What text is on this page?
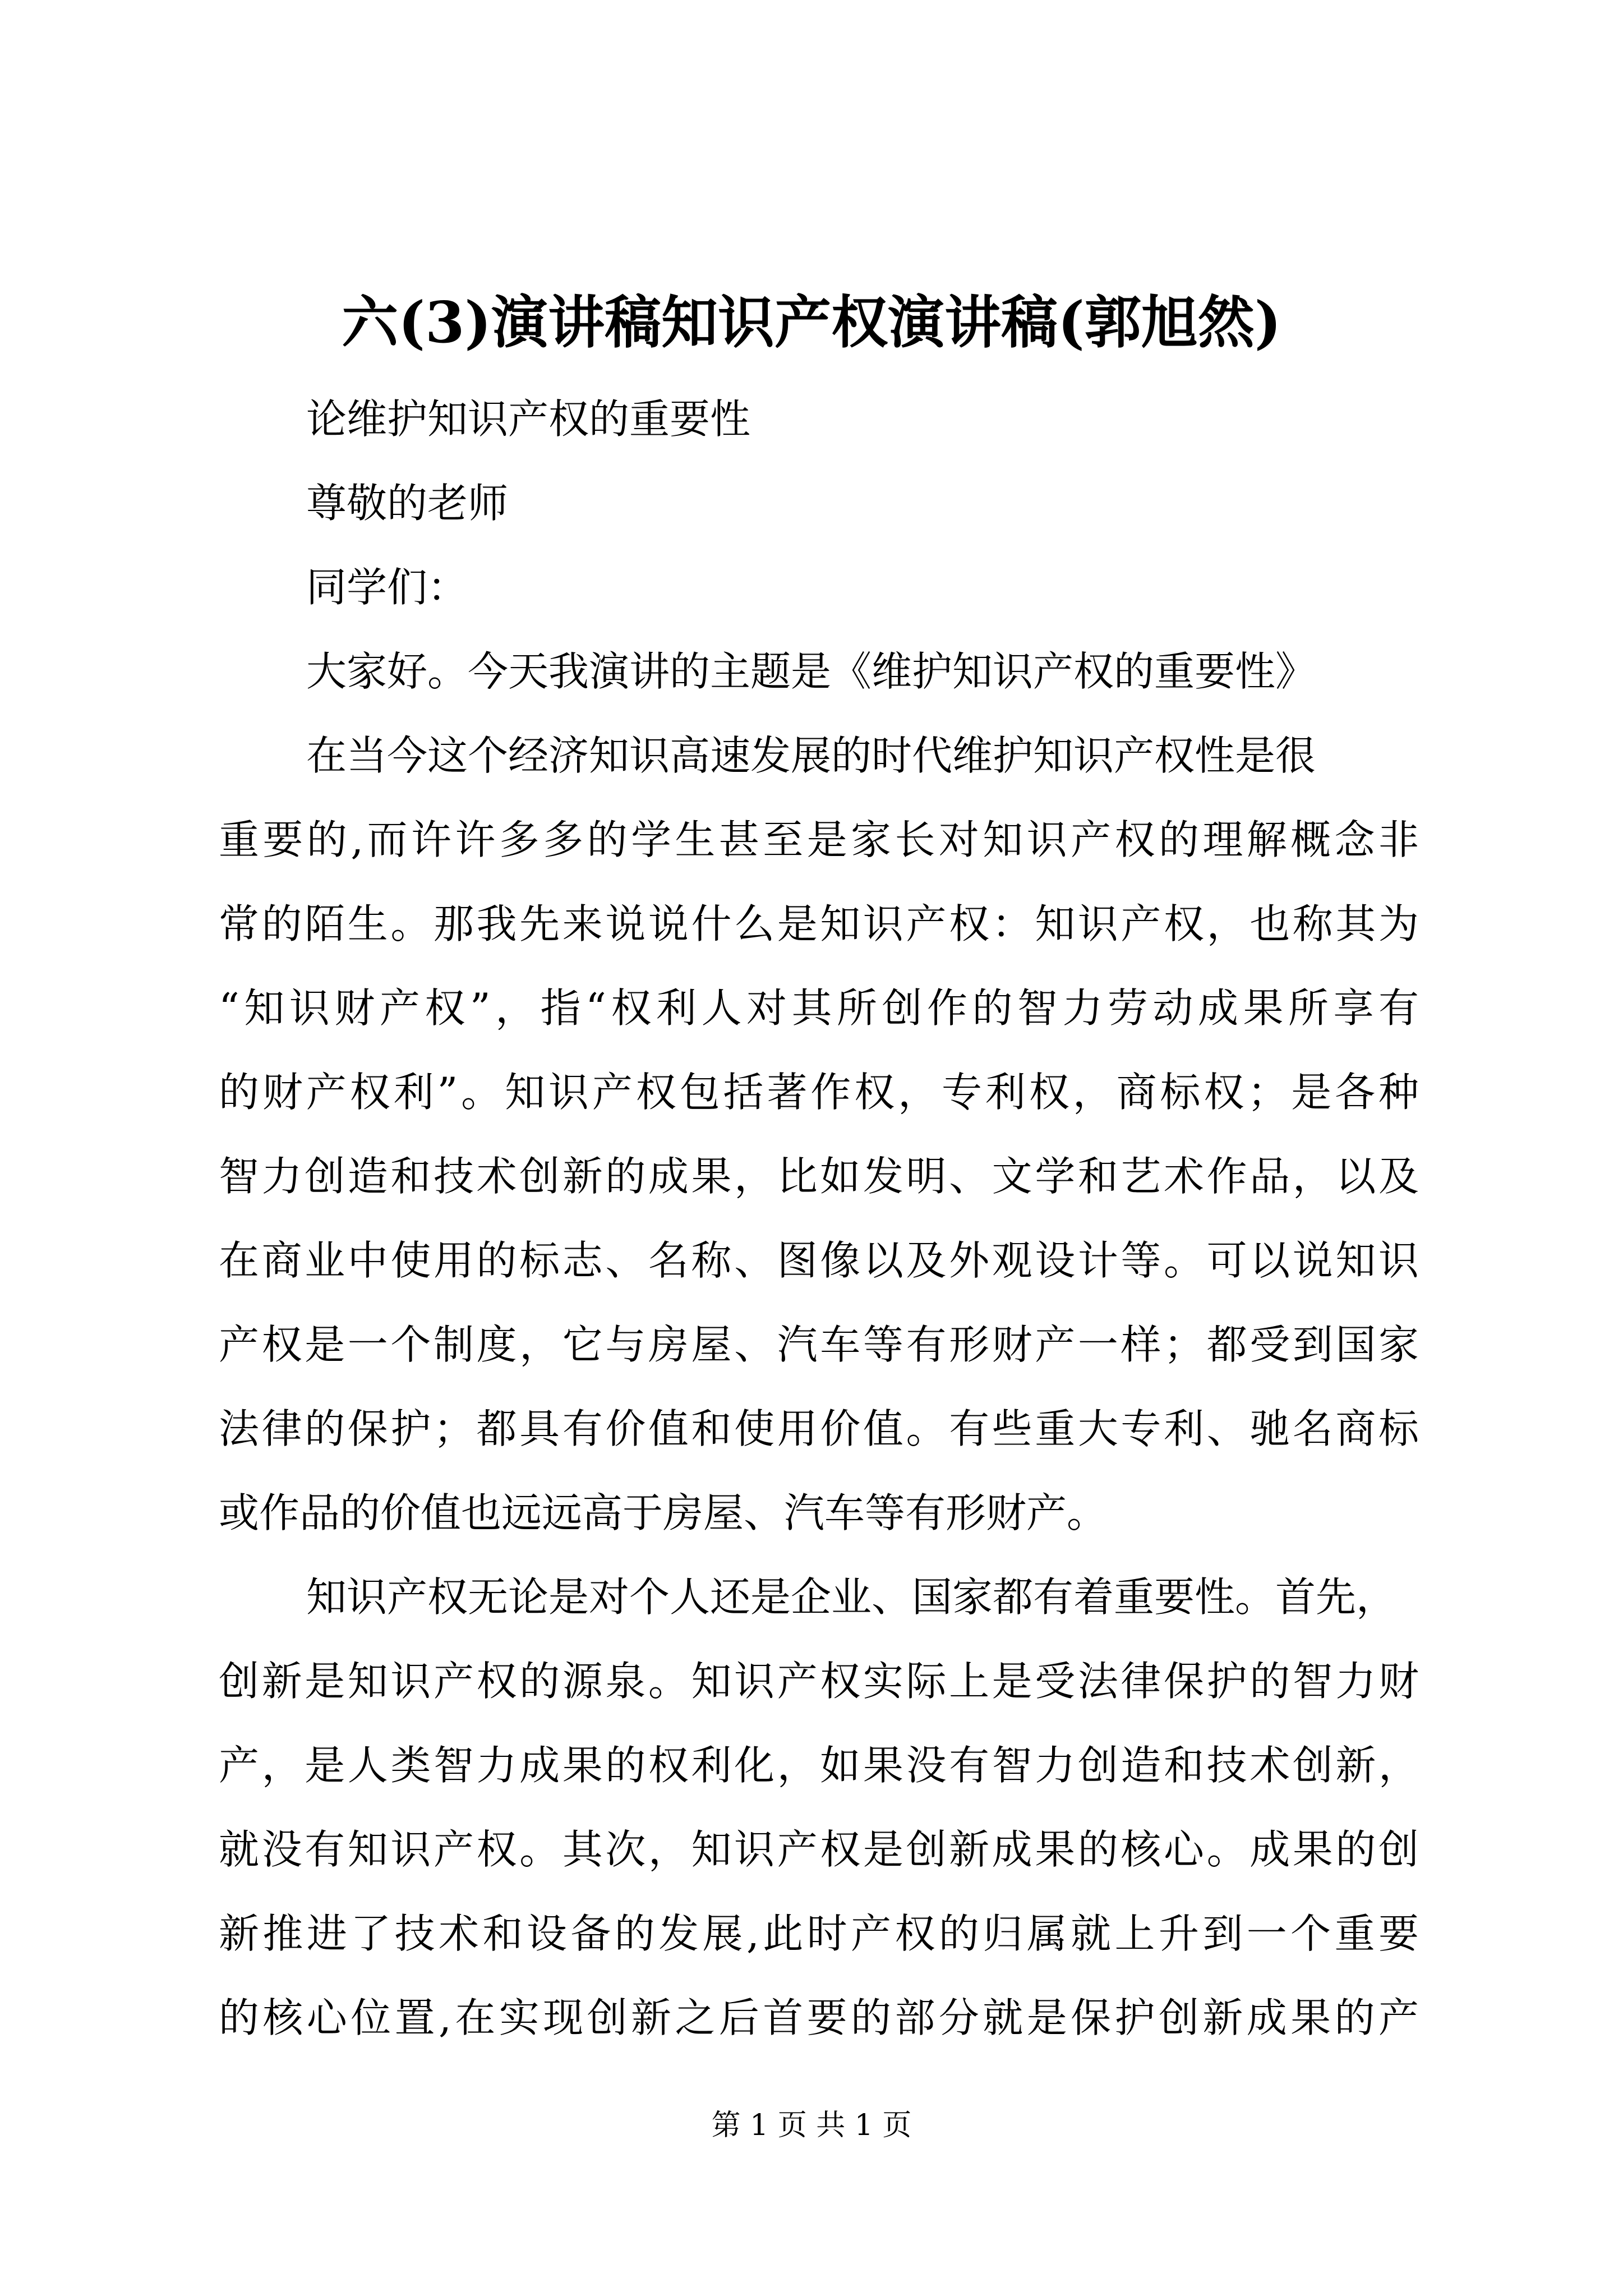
六(3)演讲稿知识产权演讲稿(郭旭然)
论维护知识产权的重要性
尊敬的老师
同学们：
大家好。今天我演讲的主题是《维护知识产权的重要性》
在当今这个经济知识高速发展的时代维护知识产权性是很
重要的,而许许多多的学生甚至是家长对知识产权的理解概念非
常的陌生。那我先来说说什么是知识产权：知识产权，也称其为
“知识财产权”，指“权利人对其所创作的智力劳动成果所享有
的财产权利”。知识产权包括著作权，专利权，商标权；是各种
智力创造和技术创新的成果，比如发明、文学和艺术作品，以及
在商业中使用的标志、名称、图像以及外观设计等。可以说知识
产权是一个制度，它与房屋、汽车等有形财产一样；都受到国家
法律的保护；都具有价值和使用价值。有些重大专利、驰名商标
或作品的价值也远远高于房屋、汽车等有形财产。
知识产权无论是对个人还是企业、国家都有着重要性。首先，
创新是知识产权的源泉。知识产权实际上是受法律保护的智力财
产，是人类智力成果的权利化，如果没有智力创造和技术创新，
就没有知识产权。其次，知识产权是创新成果的核心。成果的创
新推进了技术和设备的发展,此时产权的归属就上升到一个重要
的核心位置,在实现创新之后首要的部分就是保护创新成果的产
第 1 页 共 1 页
